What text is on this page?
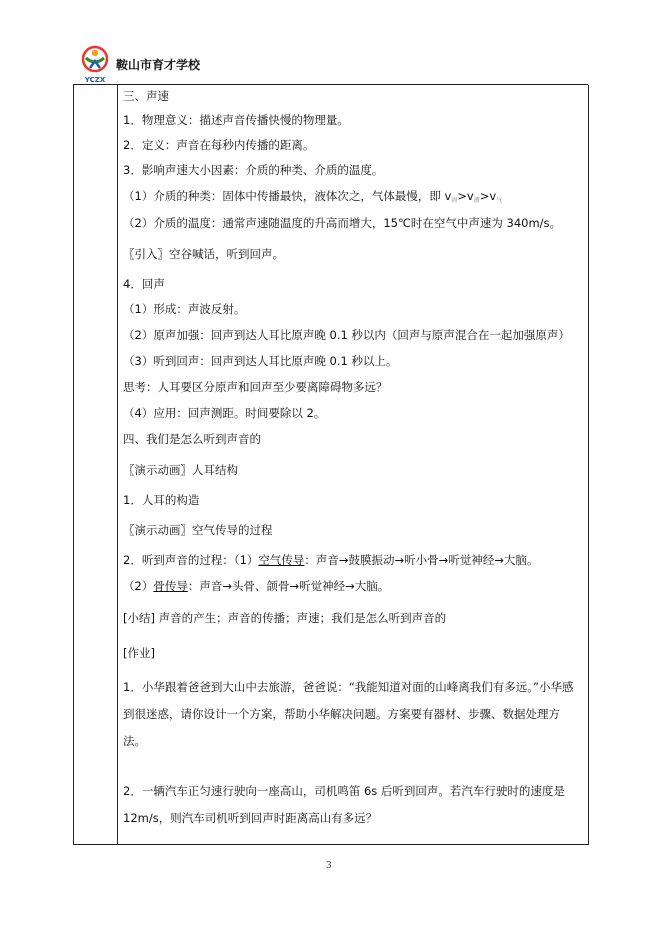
YCZX
鞍山市育才学校
三、声速
1．物理意义：描述声音传播快慢的物理量。
2．定义：声音在每秒内传播的距离。
3．影响声速大小因素：介质的种类、介质的温度。
（1）介质的种类：固体中传播最快，液体次之，气体最慢，即 $v_固>v_液>v_气$
（2）介质的温度：通常声速随温度的升高而增大，15℃时在空气中声速为 340m/s。
〖引入〗空谷喊话，听到回声。
4．回声
（1）形成：声波反射。
（2）原声加强：回声到达人耳比原声晚 0.1 秒以内（回声与原声混合在一起加强原声）
（3）听到回声：回声到达人耳比原声晚 0.1 秒以上。
思考：人耳要区分原声和回声至少要离障碍物多远？
（4）应用：回声测距。时间要除以 2。
四、我们是怎么听到声音的
〖演示动画〗人耳结构
1．人耳的构造
〖演示动画〗空气传导的过程
2．听到声音的过程：（1）空气传导：声音→鼓膜振动→听小骨→听觉神经→大脑。
（2）骨传导：声音→头骨、颌骨→听觉神经→大脑。
[小结] 声音的产生；声音的传播；声速；我们是怎么听到声音的
[作业]
1．小华跟着爸爸到大山中去旅游，爸爸说：“我能知道对面的山峰离我们有多远。”小华感到很迷惑，请你设计一个方案，帮助小华解决问题。方案要有器材、步骤、数据处理方法。
2．一辆汽车正匀速行驶向一座高山，司机鸣笛 6s 后听到回声。若汽车行驶时的速度是12m/s，则汽车司机听到回声时距离高山有多远？
3
